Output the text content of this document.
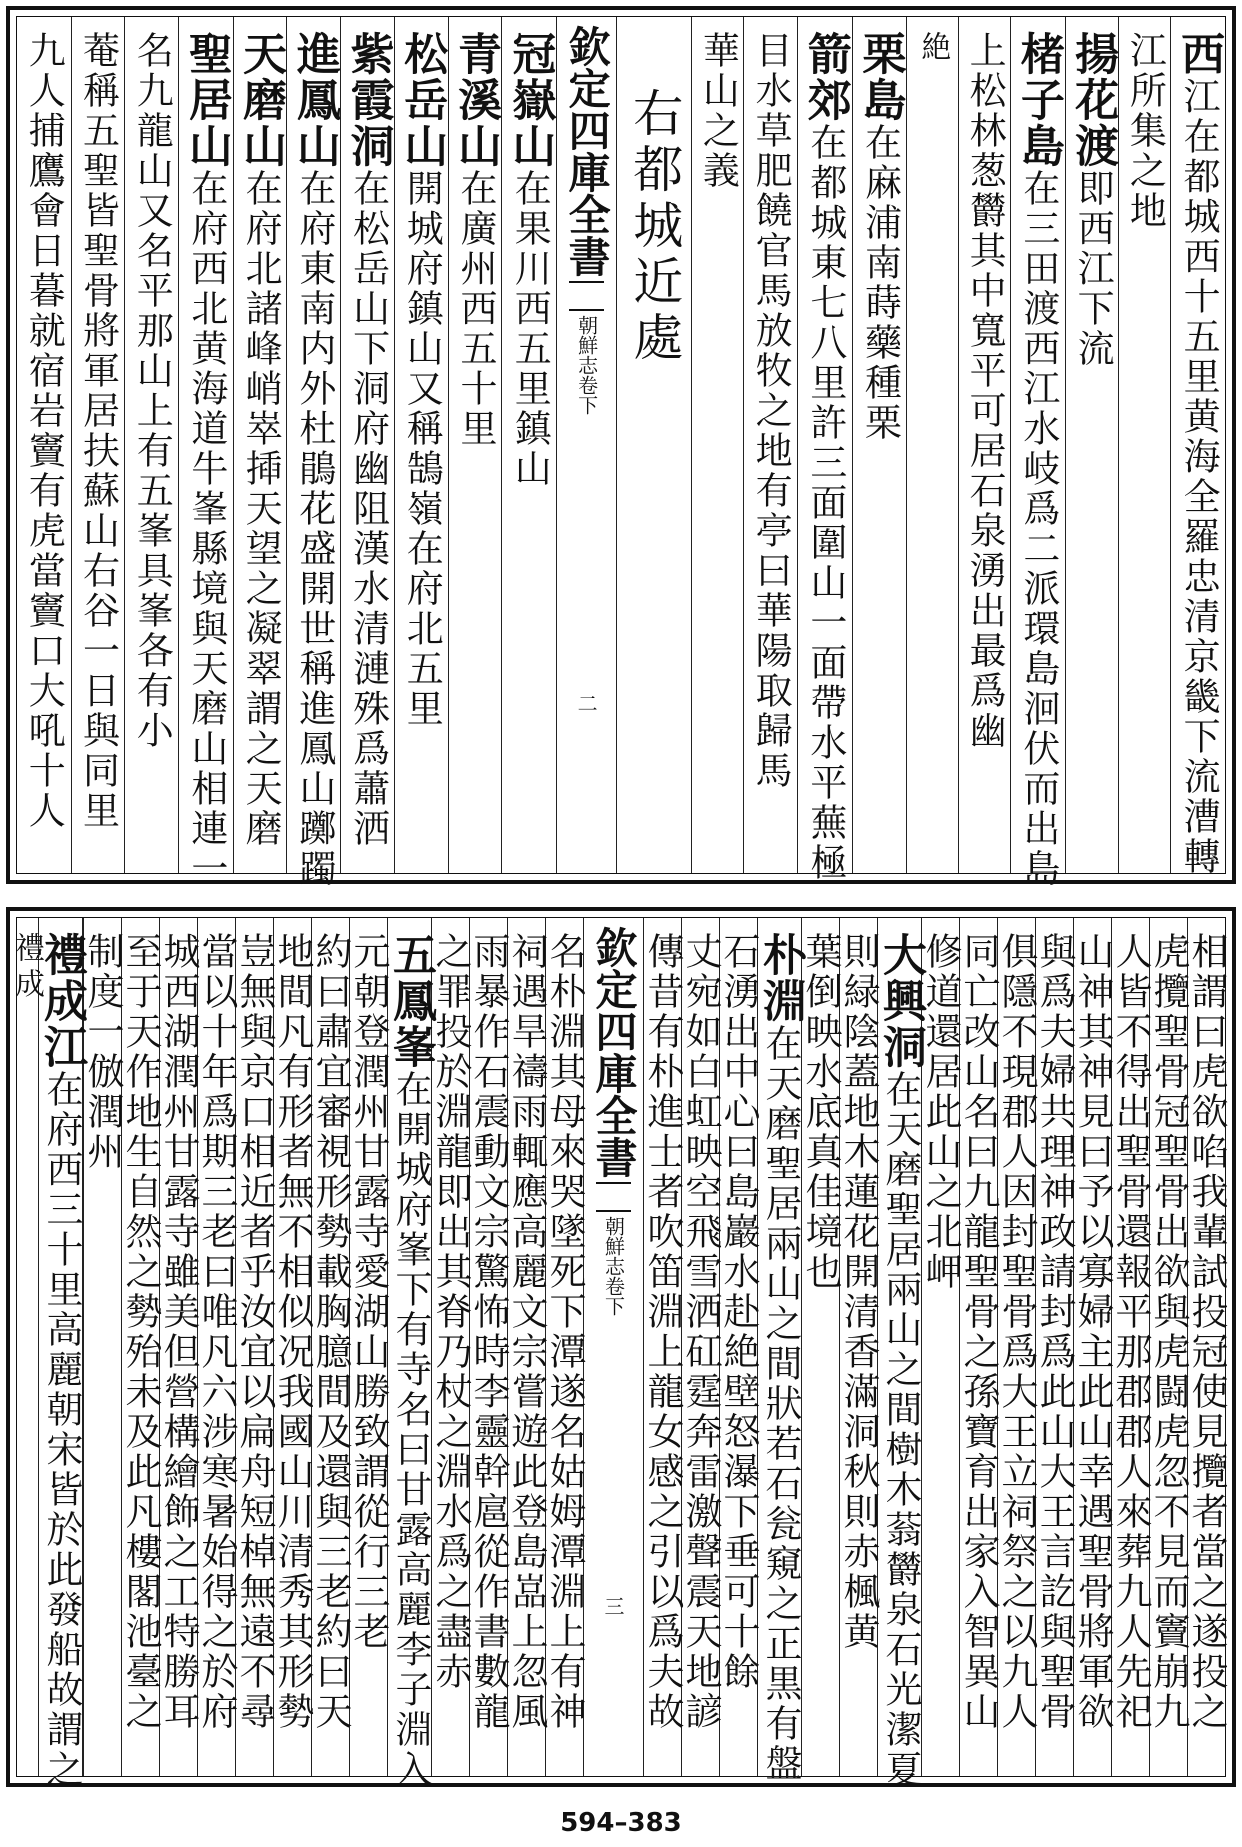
西江在都城西十五里黄海全羅忠清京畿下流漕轉
江所集之地
揚花渡即西江下流
楮子島在三田渡西江水岐爲二派環島洄伏而出島
上松林葱欝其中寬平可居石泉湧出最爲幽
絶
栗島在麻浦南蒔藥種栗
箭郊在都城東七八里許三面圍山一面帶水平蕪極
目水草肥饒官馬放牧之地有亭曰華陽取歸馬
華山之義
右都城近處
欽定四庫全書
朝鮮志
卷下
二
冠嶽山在果川西五里鎮山
青溪山在廣州西五十里
松岳山開城府鎮山又稱鵠嶺在府北五里
紫霞洞在松岳山下洞府幽阻漢水清漣殊爲蕭洒
進鳳山在府東南内外杜鵑花盛開世稱進鳳山躑躅
天磨山在府北諸峰峭崒揷天望之凝翠謂之天磨
聖居山在府西北黄海道牛峯縣境與天磨山相連一
名九龍山又名平那山上有五峯具峯各有小
菴稱五聖皆聖骨將軍居扶蘇山右谷一日與同里
九人捕鷹會日暮就宿岩竇有虎當竇口大吼十人
相謂曰虎欲啗我輩試投冠使見攬者當之遂投之
虎攬聖骨冠聖骨出欲與虎闘虎忽不見而竇崩九
人皆不得出聖骨還報平那郡郡人來葬九人先祀
山神其神見曰予以寡婦主此山幸遇聖骨將軍欲
與爲夫婦共理神政請封爲此山大王言訖與聖骨
俱隱不現郡人因封聖骨爲大王立祠祭之以九人
同亡改山名曰九龍聖骨之孫寶育出家入智異山
修道還居此山之北岬
大興洞在天磨聖居兩山之間樹木蓊欝泉石光潔夏
則緑陰蓋地木蓮花開清香滿洞秋則赤楓黄
葉倒映水底真佳境也
朴淵在天磨聖居兩山之間狀若石瓮窺之正黒有盤
石湧出中心曰島巖水赴絶壁怒瀑下垂可十餘
丈宛如白虹映空飛雪洒矼霆奔雷激聲震天地諺
傳昔有朴進士者吹笛淵上龍女感之引以爲夫故
欽定四庫全書
朝鮮志
卷下
三
名朴淵其母來哭墜死下潭遂名姑姆潭淵上有神
祠遇旱禱雨輒應高麗文宗嘗遊此登島嵓上忽風
雨暴作石震動文宗驚怖時李靈幹扈從作書數龍
之罪投於淵龍即出其脊乃杖之淵水爲之盡赤
五鳳峯在開城府峯下有寺名曰甘露高麗李子淵入
元朝登潤州甘露寺愛湖山勝致謂從行三老
約曰肅宜審視形勢載胸臆間及還與三老約曰天
地間凡有形者無不相似况我國山川清秀其形勢
豈無與京口相近者乎汝宜以扁舟短棹無遠不尋
當以十年爲期三老曰唯凡六涉寒暑始得之於府
城西湖潤州甘露寺雖美但營構繪飾之工特勝耳
至于天作地生自然之勢殆未及此凡樓閣池臺之
制度一倣潤州
禮成江在府西三十里高麗朝宋皆於此發船故謂之
禮成
594–383
